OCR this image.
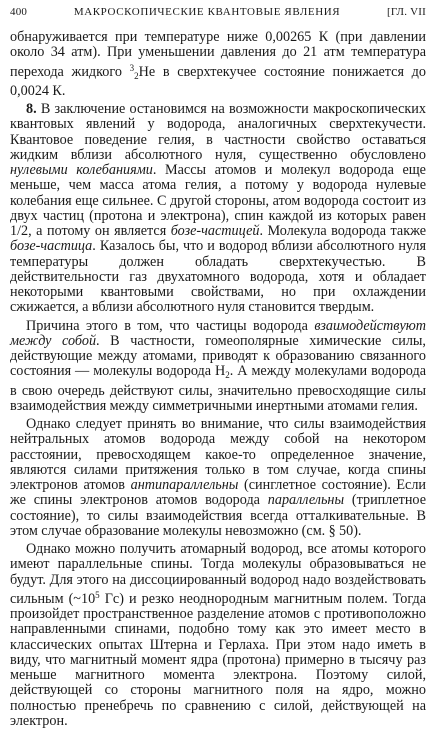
400	МАКРОСКОПИЧЕСКИЕ КВАНТОВЫЕ ЯВЛЕНИЯ	[ГЛ. VII

обнаруживается при температуре ниже 0,00265 К (при давлении около 34 атм). При уменьшении давления до 21 атм температура перехода жидкого $^3_2$He в сверхтекучее состояние понижается до 0,0024 К.

8. В заключение остановимся на возможности макроскопических квантовых явлений у водорода, аналогичных сверхтекучести. Квантовое поведение гелия, в частности свойство оставаться жидким вблизи абсолютного нуля, существенно обусловлено нулевыми колебаниями. Массы атомов и молекул водорода еще меньше, чем масса атома гелия, а потому у водорода нулевые колебания еще сильнее. С другой стороны, атом водорода состоит из двух частиц (протона и электрона), спин каждой из которых равен 1/2, а потому он является бозе-частицей. Молекула водорода также бозе-частица. Казалось бы, что и водород вблизи абсолютного нуля температуры должен обладать сверхтекучестью. В действительности газ двухатомного водорода, хотя и обладает некоторыми квантовыми свойствами, но при охлаждении сжижается, а вблизи абсолютного нуля становится твердым.

Причина этого в том, что частицы водорода взаимодействуют между собой. В частности, гомеополярные химические силы, действующие между атомами, приводят к образованию связанного состояния — молекулы водорода $H_2$. А между молекулами водорода в свою очередь действуют силы, значительно превосходящие силы взаимодействия между симметричными инертными атомами гелия.

Однако следует принять во внимание, что силы взаимодействия нейтральных атомов водорода между собой на некотором расстоянии, превосходящем какое-то определенное значение, являются силами притяжения только в том случае, когда спины электронов атомов антипараллельны (синглетное состояние). Если же спины электронов атомов водорода параллельны (триплетное состояние), то силы взаимодействия всегда отталкивательные. В этом случае образование молекулы невозможно (см. § 50).

Однако можно получить атомарный водород, все атомы которого имеют параллельные спины. Тогда молекулы образовываться не будут. Для этого на диссоциированный водород надо воздействовать сильным ($\sim 10^5$ Гс) и резко неоднородным магнитным полем. Тогда произойдет пространственное разделение атомов с противоположно направленными спинами, подобно тому как это имеет место в классических опытах Штерна и Герлаха. При этом надо иметь в виду, что магнитный момент ядра (протона) примерно в тысячу раз меньше магнитного момента электрона. Поэтому силой, действующей со стороны магнитного поля на ядро, можно полностью пренебречь по сравнению с силой, действующей на электрон.
